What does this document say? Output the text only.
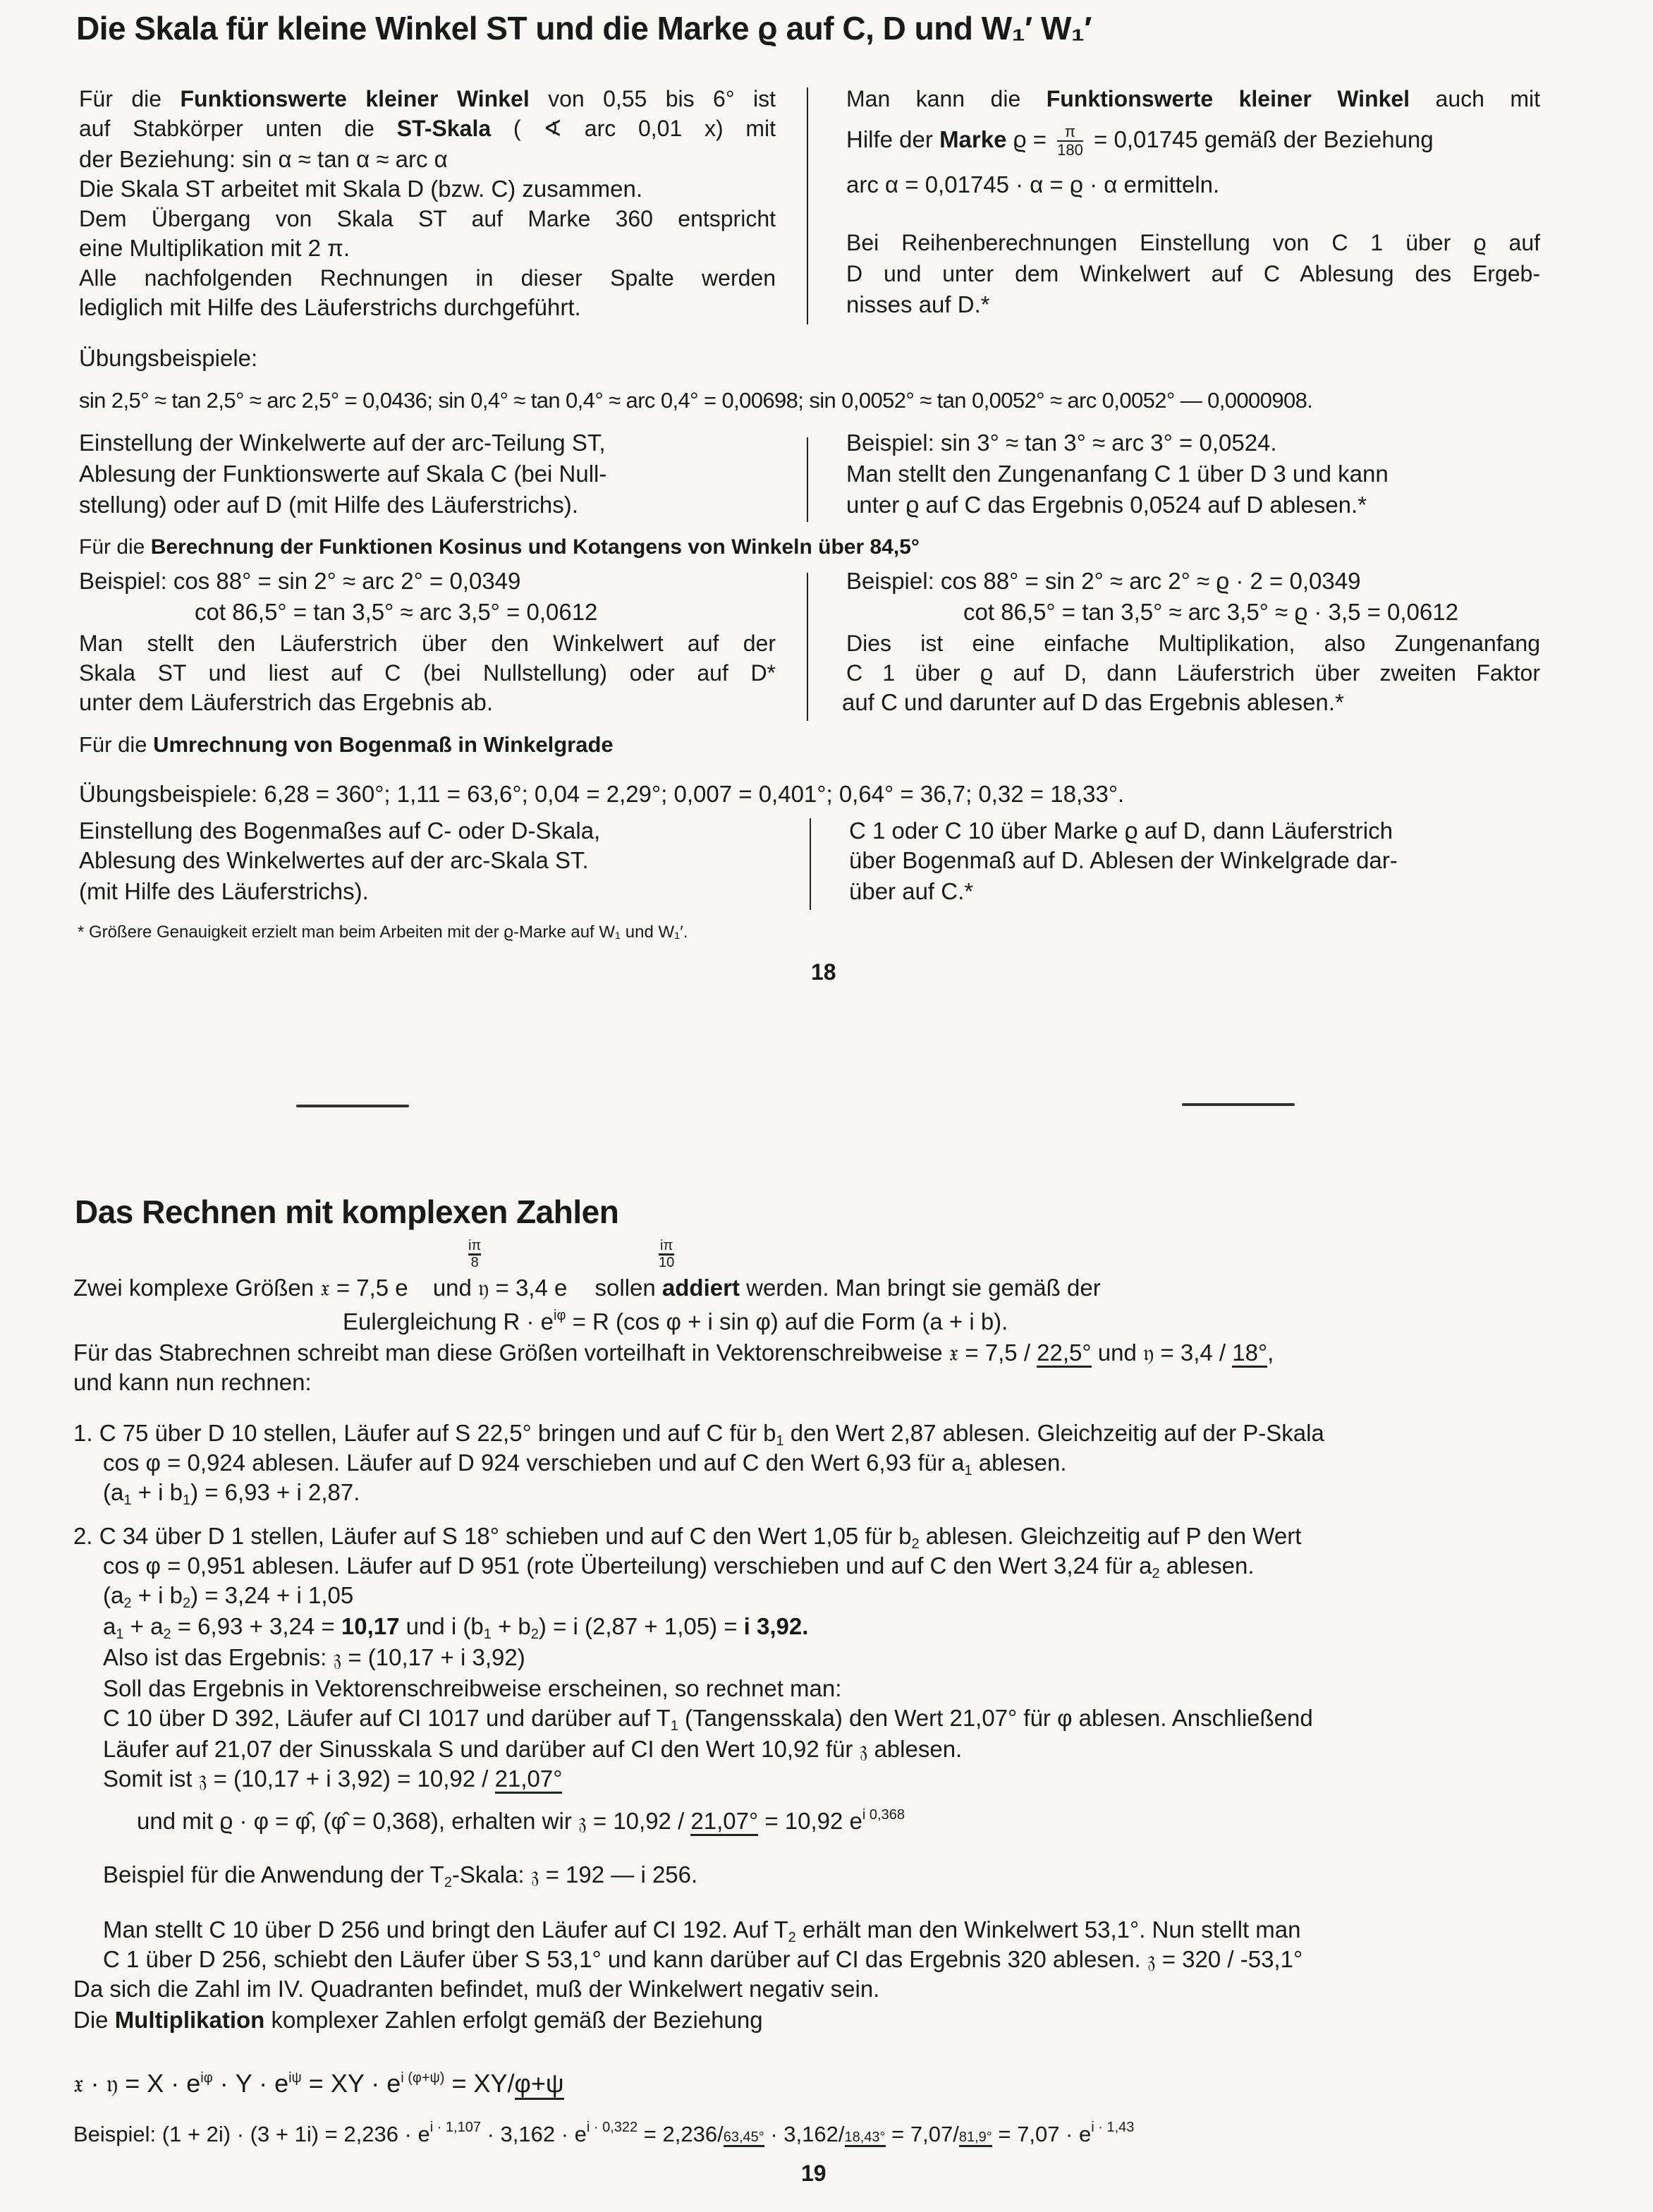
Die Skala für kleine Winkel ST und die Marke ϱ auf C, D und W₁′ W₁′
Für die Funktionswerte kleiner Winkel von 0,55 bis 6° ist
auf Stabkörper unten die ST-Skala ( ∢ arc 0,01 x) mit
der Beziehung: sin α ≈ tan α ≈ arc α
Die Skala ST arbeitet mit Skala D (bzw. C) zusammen.
Dem Übergang von Skala ST auf Marke 360 entspricht
eine Multiplikation mit 2 π.
Alle nachfolgenden Rechnungen in dieser Spalte werden
lediglich mit Hilfe des Läuferstrichs durchgeführt.
Man kann die Funktionswerte kleiner Winkel auch mit
Hilfe der Marke $ϱ = \frac{\pi}{180} = 0,01745$ gemäß der Beziehung
arc α = 0,01745 · α = ϱ · α ermitteln.
Bei Reihenberechnungen Einstellung von C 1 über ϱ auf
D und unter dem Winkelwert auf C Ablesung des Ergeb-
nisses auf D.*
Übungsbeispiele:
sin 2,5° ≈ tan 2,5° ≈ arc 2,5° = 0,0436; sin 0,4° ≈ tan 0,4° ≈ arc 0,4° = 0,00698; sin 0,0052° ≈ tan 0,0052° ≈ arc 0,0052° — 0,0000908.
Einstellung der Winkelwerte auf der arc-Teilung ST,
Ablesung der Funktionswerte auf Skala C (bei Null-
stellung) oder auf D (mit Hilfe des Läuferstrichs).
Beispiel: sin 3° ≈ tan 3° ≈ arc 3° = 0,0524.
Man stellt den Zungenanfang C 1 über D 3 und kann
unter ϱ auf C das Ergebnis 0,0524 auf D ablesen.*
Für die Berechnung der Funktionen Kosinus und Kotangens von Winkeln über 84,5°
Beispiel: cos 88° = sin 2° ≈ arc 2° = 0,0349
cot 86,5° = tan 3,5° ≈ arc 3,5° = 0,0612
Man stellt den Läuferstrich über den Winkelwert auf der
Skala ST und liest auf C (bei Nullstellung) oder auf D*
unter dem Läuferstrich das Ergebnis ab.
Beispiel: cos 88° = sin 2° ≈ arc 2° ≈ ϱ · 2 = 0,0349
cot 86,5° = tan 3,5° ≈ arc 3,5° ≈ ϱ · 3,5 = 0,0612
Dies ist eine einfache Multiplikation, also Zungenanfang
C 1 über ϱ auf D, dann Läuferstrich über zweiten Faktor
auf C und darunter auf D das Ergebnis ablesen.*
Für die Umrechnung von Bogenmaß in Winkelgrade
Übungsbeispiele: 6,28 = 360°; 1,11 = 63,6°; 0,04 = 2,29°; 0,007 = 0,401°; 0,64° = 36,7; 0,32 = 18,33°.
Einstellung des Bogenmaßes auf C- oder D-Skala,
Ablesung des Winkelwertes auf der arc-Skala ST.
(mit Hilfe des Läuferstrichs).
C 1 oder C 10 über Marke ϱ auf D, dann Läuferstrich
über Bogenmaß auf D. Ablesen der Winkelgrade dar-
über auf C.*
* Größere Genauigkeit erzielt man beim Arbeiten mit der ϱ-Marke auf W₁ und W₁′.
18
Das Rechnen mit komplexen Zahlen
$\frac{i\pi}{8}$	$\frac{i\pi}{10}$
Zwei komplexe Größen 𝔵 = 7,5 e und 𝔶 = 3,4 e sollen addiert werden. Man bringt sie gemäß der
Eulergleichung $R \cdot e^{i\varphi} = R$ (cos φ + i sin φ) auf die Form (a + i b).
Für das Stabrechnen schreibt man diese Größen vorteilhaft in Vektorenschreibweise 𝔵 = 7,5 / 22,5° und 𝔶 = 3,4 / 18°,
und kann nun rechnen:
1. C 75 über D 10 stellen, Läufer auf S 22,5° bringen und auf C für $b_1$ den Wert 2,87 ablesen. Gleichzeitig auf der P-Skala
cos φ = 0,924 ablesen. Läufer auf D 924 verschieben und auf C den Wert 6,93 für $a_1$ ablesen.
($a_1 + i$ $b_1) = 6,93 + i$ 2,87.
2. C 34 über D 1 stellen, Läufer auf S 18° schieben und auf C den Wert 1,05 für $b_2$ ablesen. Gleichzeitig auf P den Wert
cos φ = 0,951 ablesen. Läufer auf D 951 (rote Überteilung) verschieben und auf C den Wert 3,24 für $a_2$ ablesen.
($a_2 + i$ $b_2) = 3,24 + i$ 1,05
$a_1 + a_2 = 6,93 + 3,24 = 10,17$ und i $(b_1 + b_2) = i$ (2,87 + 1,05) = i 3,92.
Also ist das Ergebnis: 𝔷 = (10,17 + i 3,92)
Soll das Ergebnis in Vektorenschreibweise erscheinen, so rechnet man:
C 10 über D 392, Läufer auf CI 1017 und darüber auf $T_1$ (Tangensskala) den Wert 21,07° für φ ablesen. Anschließend
Läufer auf 21,07 der Sinusskala S und darüber auf CI den Wert 10,92 für 𝔷 ablesen.
Somit ist 𝔷 = (10,17 + i 3,92) = 10,92 / 21,07°
und mit ϱ · φ = φ̂, (φ̂ = 0,368), erhalten wir 𝔷 = 10,92 / 21,07° = 10,92 $e^{i 0,368}$
Beispiel für die Anwendung der $T_2$-Skala: 𝔷 = 192 — i 256.
Man stellt C 10 über D 256 und bringt den Läufer auf CI 192. Auf $T_2$ erhält man den Winkelwert 53,1°. Nun stellt man
C 1 über D 256, schiebt den Läufer über S 53,1° und kann darüber auf CI das Ergebnis 320 ablesen. 𝔷 = 320 / -53,1°
Da sich die Zahl im IV. Quadranten befindet, muß der Winkelwert negativ sein.
Die Multiplikation komplexer Zahlen erfolgt gemäß der Beziehung
𝔵 · 𝔶 = $X \cdot e^{i\varphi} \cdot Y \cdot e^{i\psi}$ = XY · $e^{i (\varphi+\psi)} = XY/\varphi+\psi$
Beispiel: $(1 + 2i) \cdot (3 + 1i) = 2,236 \cdot e^{i \cdot 1,107} \cdot 3,162 \cdot e^{i \cdot 0,322} = 2,236/63,45^\circ \cdot 3,162/18,43^\circ = 7,07/81,9^\circ = 7,07 \cdot e^{i \cdot 1,43}$
19
